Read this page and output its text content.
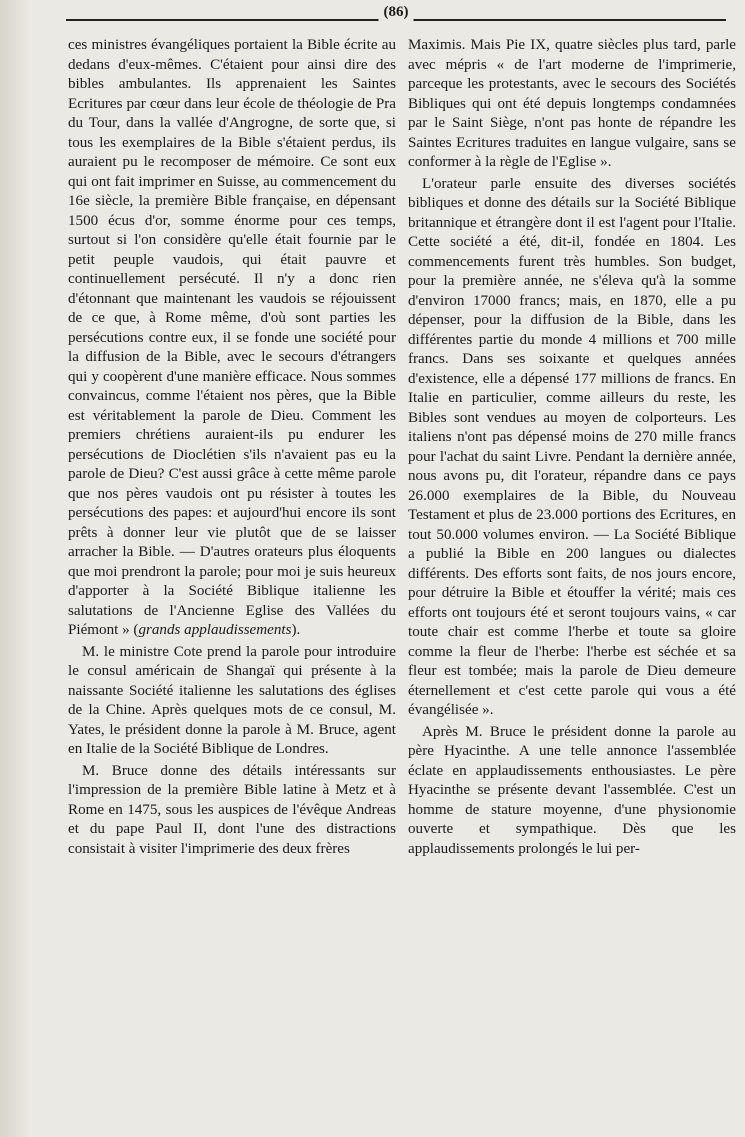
(86)

ces ministres évangéliques portaient la Bible écrite au dedans d'eux-mêmes. C'étaient pour ainsi dire des bibles ambulantes. Ils apprenaient les Saintes Ecritures par cœur dans leur école de théologie de Pra du Tour, dans la vallée d'Angrogne, de sorte que, si tous les exemplaires de la Bible s'étaient perdus, ils auraient pu le recomposer de mémoire. Ce sont eux qui ont fait imprimer en Suisse, au commencement du 16e siècle, la première Bible française, en dépensant 1500 écus d'or, somme énorme pour ces temps, surtout si l'on considère qu'elle était fournie par le petit peuple vaudois, qui était pauvre et continuellement persécuté. Il n'y a donc rien d'étonnant que maintenant les vaudois se réjouissent de ce que, à Rome même, d'où sont parties les persécutions contre eux, il se fonde une société pour la diffusion de la Bible, avec le secours d'étrangers qui y coopèrent d'une manière efficace. Nous sommes convaincus, comme l'étaient nos pères, que la Bible est véritablement la parole de Dieu. Comment les premiers chrétiens auraient-ils pu endurer les persécutions de Dioclétien s'ils n'avaient pas eu la parole de Dieu? C'est aussi grâce à cette même parole que nos pères vaudois ont pu résister à toutes les persécutions des papes: et aujourd'hui encore ils sont prêts à donner leur vie plutôt que de se laisser arracher la Bible. — D'autres orateurs plus éloquents que moi prendront la parole; pour moi je suis heureux d'apporter à la Société Biblique italienne les salutations de l'Ancienne Eglise des Vallées du Piémont » (grands applaudissements).

M. le ministre Cote prend la parole pour introduire le consul américain de Shangaï qui présente à la naissante Société italienne les salutations des églises de la Chine. Après quelques mots de ce consul, M. Yates, le président donne la parole à M. Bruce, agent en Italie de la Société Biblique de Londres.

M. Bruce donne des détails intéressants sur l'impression de la première Bible latine à Metz et à Rome en 1475, sous les auspices de l'évêque Andreas et du pape Paul II, dont l'une des distractions consistait à visiter l'imprimerie des deux frères

Maximis. Mais Pie IX, quatre siècles plus tard, parle avec mépris « de l'art moderne de l'imprimerie, parceque les protestants, avec le secours des Sociétés Bibliques qui ont été depuis longtemps condamnées par le Saint Siège, n'ont pas honte de répandre les Saintes Ecritures traduites en langue vulgaire, sans se conformer à la règle de l'Eglise ».

L'orateur parle ensuite des diverses sociétés bibliques et donne des détails sur la Société Biblique britannique et étrangère dont il est l'agent pour l'Italie. Cette société a été, dit-il, fondée en 1804. Les commencements furent très humbles. Son budget, pour la première année, ne s'éleva qu'à la somme d'environ 17000 francs; mais, en 1870, elle a pu dépenser, pour la diffusion de la Bible, dans les différentes partie du monde 4 millions et 700 mille francs. Dans ses soixante et quelques années d'existence, elle a dépensé 177 millions de francs. En Italie en particulier, comme ailleurs du reste, les Bibles sont vendues au moyen de colporteurs. Les italiens n'ont pas dépensé moins de 270 mille francs pour l'achat du saint Livre. Pendant la dernière année, nous avons pu, dit l'orateur, répandre dans ce pays 26.000 exemplaires de la Bible, du Nouveau Testament et plus de 23.000 portions des Ecritures, en tout 50.000 volumes environ. — La Société Biblique a publié la Bible en 200 langues ou dialectes différents. Des efforts sont faits, de nos jours encore, pour détruire la Bible et étouffer la vérité; mais ces efforts ont toujours été et seront toujours vains, « car toute chair est comme l'herbe et toute sa gloire comme la fleur de l'herbe: l'herbe est séchée et sa fleur est tombée; mais la parole de Dieu demeure éternellement et c'est cette parole qui vous a été évangélisée ».

Après M. Bruce le président donne la parole au père Hyacinthe. A une telle annonce l'assemblée éclate en applaudissements enthousiastes. Le père Hyacinthe se présente devant l'assemblée. C'est un homme de stature moyenne, d'une physionomie ouverte et sympathique. Dès que les applaudissements prolongés le lui per-
